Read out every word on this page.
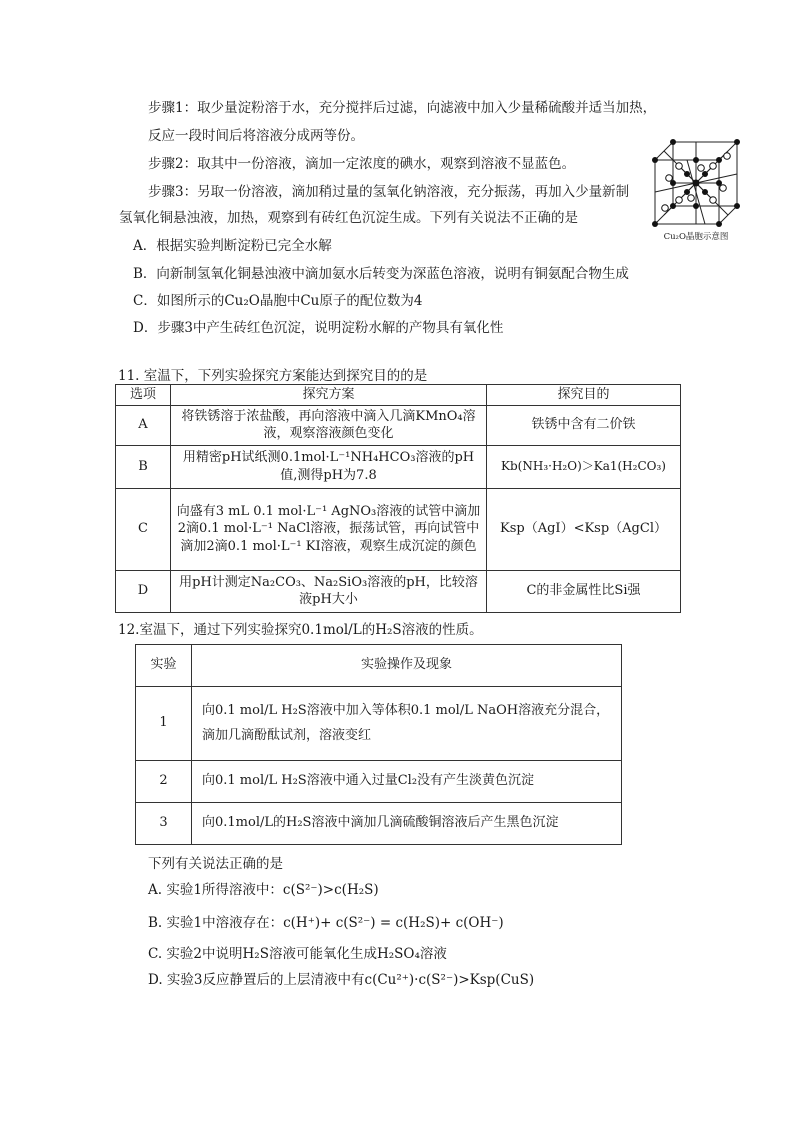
步骤1：取少量淀粉溶于水，充分搅拌后过滤，向滤液中加入少量稀硫酸并适当加热，
反应一段时间后将溶液分成两等份。
步骤2：取其中一份溶液，滴加一定浓度的碘水，观察到溶液不显蓝色。
步骤3：另取一份溶液，滴加稍过量的氢氧化钠溶液，充分振荡，再加入少量新制
氢氧化铜悬浊液，加热，观察到有砖红色沉淀生成。下列有关说法不正确的是
Cu₂O晶胞示意图
A．根据实验判断淀粉已完全水解
B．向新制氢氧化铜悬浊液中滴加氨水后转变为深蓝色溶液，说明有铜氨配合物生成
C．如图所示的Cu₂O晶胞中Cu原子的配位数为4
D．步骤3中产生砖红色沉淀，说明淀粉水解的产物具有氧化性
11. 室温下，下列实验探究方案能达到探究目的的是
选项	探究方案	探究目的
A	将铁锈溶于浓盐酸，再向溶液中滴入几滴KMnO₄溶液，观察溶液颜色变化	铁锈中含有二价铁
B	用精密pH试纸测0.1mol·L⁻¹NH₄HCO₃溶液的pH值,测得pH为7.8	Kb(NH₃·H₂O)＞Ka1(H₂CO₃)
C	向盛有3 mL 0.1 mol·L⁻¹ AgNO₃溶液的试管中滴加2滴0.1 mol·L⁻¹ NaCl溶液，振荡试管，再向试管中滴加2滴0.1 mol·L⁻¹ KI溶液，观察生成沉淀的颜色	Ksp（AgI）<Ksp（AgCl）
D	用pH计测定Na₂CO₃、Na₂SiO₃溶液的pH，比较溶液pH大小	C的非金属性比Si强
12.室温下，通过下列实验探究0.1mol/L的H₂S溶液的性质。
实验	实验操作及现象
1	向0.1 mol/L H₂S溶液中加入等体积0.1 mol/L NaOH溶液充分混合，
滴加几滴酚酞试剂，溶液变红

2	向0.1 mol/L H₂S溶液中通入过量Cl₂没有产生淡黄色沉淀
3	向0.1mol/L的H₂S溶液中滴加几滴硫酸铜溶液后产生黑色沉淀
下列有关说法正确的是
A. 实验1所得溶液中：c(S²⁻)>c(H₂S)
B. 实验1中溶液存在：c(H⁺)+ c(S²⁻) = c(H₂S)+ c(OH⁻)
C. 实验2中说明H₂S溶液可能氧化生成H₂SO₄溶液
D. 实验3反应静置后的上层清液中有c(Cu²⁺)·c(S²⁻)>Ksp(CuS)
